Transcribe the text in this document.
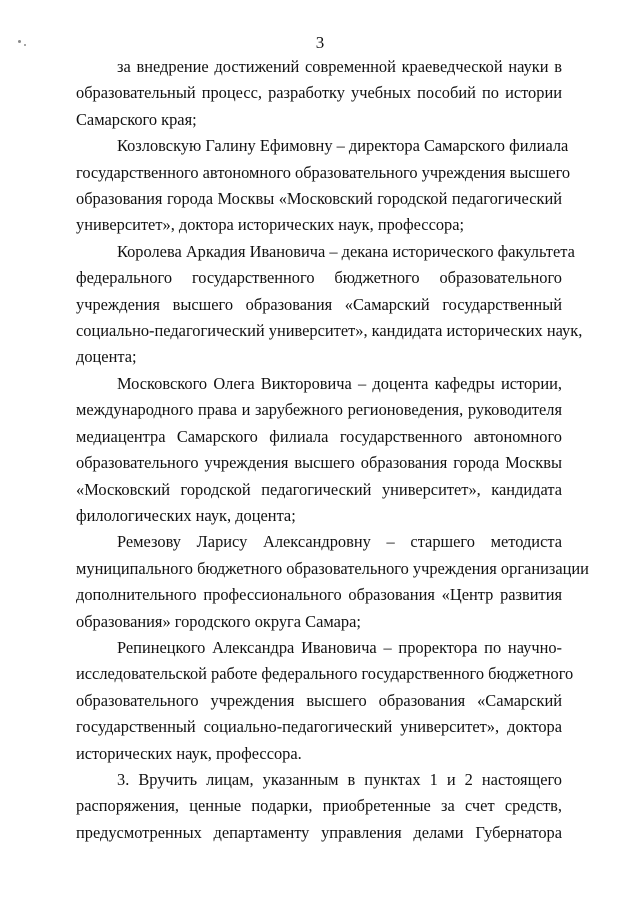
3
за внедрение достижений современной краеведческой науки в
образовательный процесс, разработку учебных пособий по истории
Самарского края;
Козловскую Галину Ефимовну – директора Самарского филиала
государственного автономного образовательного учреждения высшего
образования города Москвы «Московский городской педагогический
университет», доктора исторических наук, профессора;
Королева Аркадия Ивановича – декана исторического факультета
федерального государственного бюджетного образовательного
учреждения высшего образования «Самарский государственный
социально-педагогический университет», кандидата исторических наук,
доцента;
Московского Олега Викторовича – доцента кафедры истории,
международного права и зарубежного регионоведения, руководителя
медиацентра Самарского филиала государственного автономного
образовательного учреждения высшего образования города Москвы
«Московский городской педагогический университет», кандидата
филологических наук, доцента;
Ремезову Ларису Александровну – старшего методиста
муниципального бюджетного образовательного учреждения организации
дополнительного профессионального образования «Центр развития
образования» городского округа Самара;
Репинецкого Александра Ивановича – проректора по научно-
исследовательской работе федерального государственного бюджетного
образовательного учреждения высшего образования «Самарский
государственный социально-педагогический университет», доктора
исторических наук, профессора.
3. Вручить лицам, указанным в пунктах 1 и 2 настоящего
распоряжения, ценные подарки, приобретенные за счет средств,
предусмотренных департаменту управления делами Губернатора
